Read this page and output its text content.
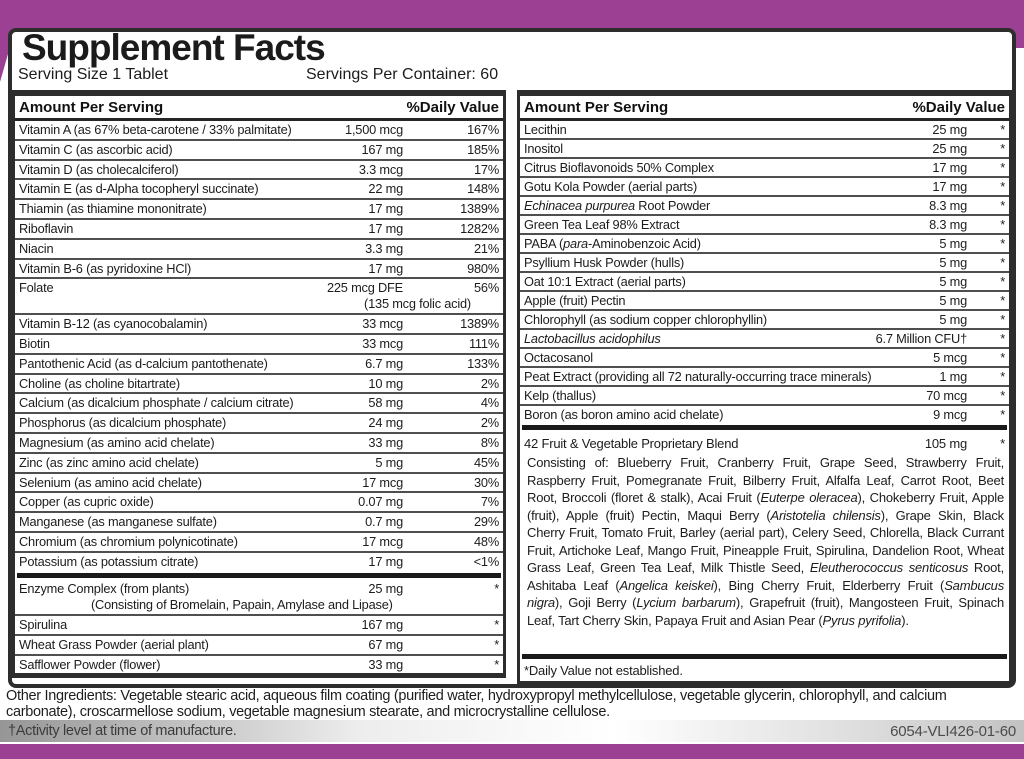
Supplement Facts
Serving Size 1 Tablet	Servings Per Container: 60
Amount Per Serving	%Daily Value
Vitamin A (as 67% beta-carotene / 33% palmitate)	1,500 mcg	167%
Vitamin C (as ascorbic acid)	167 mg	185%
Vitamin D (as cholecalciferol)	3.3 mcg	17%
Vitamin E (as d-Alpha tocopheryl succinate)	22 mg	148%
Thiamin (as thiamine mononitrate)	17 mg	1389%
Riboflavin	17 mg	1282%
Niacin	3.3 mg	21%
Vitamin B-6 (as pyridoxine HCl)	17 mg	980%
Folate	225 mcg DFE	56%
(135 mcg folic acid)
Vitamin B-12 (as cyanocobalamin)	33 mcg	1389%
Biotin	33 mcg	111%
Pantothenic Acid (as d-calcium pantothenate)	6.7 mg	133%
Choline (as choline bitartrate)	10 mg	2%
Calcium (as dicalcium phosphate / calcium citrate)	58 mg	4%
Phosphorus (as dicalcium phosphate)	24 mg	2%
Magnesium (as amino acid chelate)	33 mg	8%
Zinc (as zinc amino acid chelate)	5 mg	45%
Selenium (as amino acid chelate)	17 mcg	30%
Copper (as cupric oxide)	0.07 mg	7%
Manganese (as manganese sulfate)	0.7 mg	29%
Chromium (as chromium polynicotinate)	17 mcg	48%
Potassium (as potassium citrate)	17 mg	<1%
Enzyme Complex (from plants)	25 mg	*
(Consisting of Bromelain, Papain, Amylase and Lipase)
Spirulina	167 mg	*
Wheat Grass Powder (aerial plant)	67 mg	*
Safflower Powder (flower)	33 mg	*
Amount Per Serving	%Daily Value
Lecithin	25 mg	*
Inositol	25 mg	*
Citrus Bioflavonoids 50% Complex	17 mg	*
Gotu Kola Powder (aerial parts)	17 mg	*
Echinacea purpurea Root Powder	8.3 mg	*
Green Tea Leaf 98% Extract	8.3 mg	*
PABA (para-Aminobenzoic Acid)	5 mg	*
Psyllium Husk Powder (hulls)	5 mg	*
Oat 10:1 Extract (aerial parts)	5 mg	*
Apple (fruit) Pectin	5 mg	*
Chlorophyll (as sodium copper chlorophyllin)	5 mg	*
Lactobacillus acidophilus	6.7 Million CFU†	*
Octacosanol	5 mcg	*
Peat Extract (providing all 72 naturally-occurring trace minerals)	1 mg	*
Kelp (thallus)	70 mcg	*
Boron (as boron amino acid chelate)	9 mcg	*
42 Fruit & Vegetable Proprietary Blend	105 mg	*
Consisting of: Blueberry Fruit, Cranberry Fruit, Grape Seed, Strawberry Fruit, Raspberry Fruit, Pomegranate Fruit, Bilberry Fruit, Alfalfa Leaf, Carrot Root, Beet Root, Broccoli (floret & stalk), Acai Fruit (Euterpe oleracea), Chokeberry Fruit, Apple (fruit), Apple (fruit) Pectin, Maqui Berry (Aristotelia chilensis), Grape Skin, Black Cherry Fruit, Tomato Fruit, Barley (aerial part), Celery Seed, Chlorella, Black Currant Fruit, Artichoke Leaf, Mango Fruit, Pineapple Fruit, Spirulina, Dandelion Root, Wheat Grass Leaf, Green Tea Leaf, Milk Thistle Seed, Eleutherococcus senticosus Root, Ashitaba Leaf (Angelica keiskei), Bing Cherry Fruit, Elderberry Fruit (Sambucus nigra), Goji Berry (Lycium barbarum), Grapefruit (fruit), Mangosteen Fruit, Spinach Leaf, Tart Cherry Skin, Papaya Fruit and Asian Pear (Pyrus pyrifolia).
*Daily Value not established.
Other Ingredients: Vegetable stearic acid, aqueous film coating (purified water, hydroxypropyl methylcellulose, vegetable glycerin, chlorophyll, and calcium carbonate), croscarmellose sodium, vegetable magnesium stearate, and microcrystalline cellulose.
†Activity level at time of manufacture.	6054-VLI426-01-60
